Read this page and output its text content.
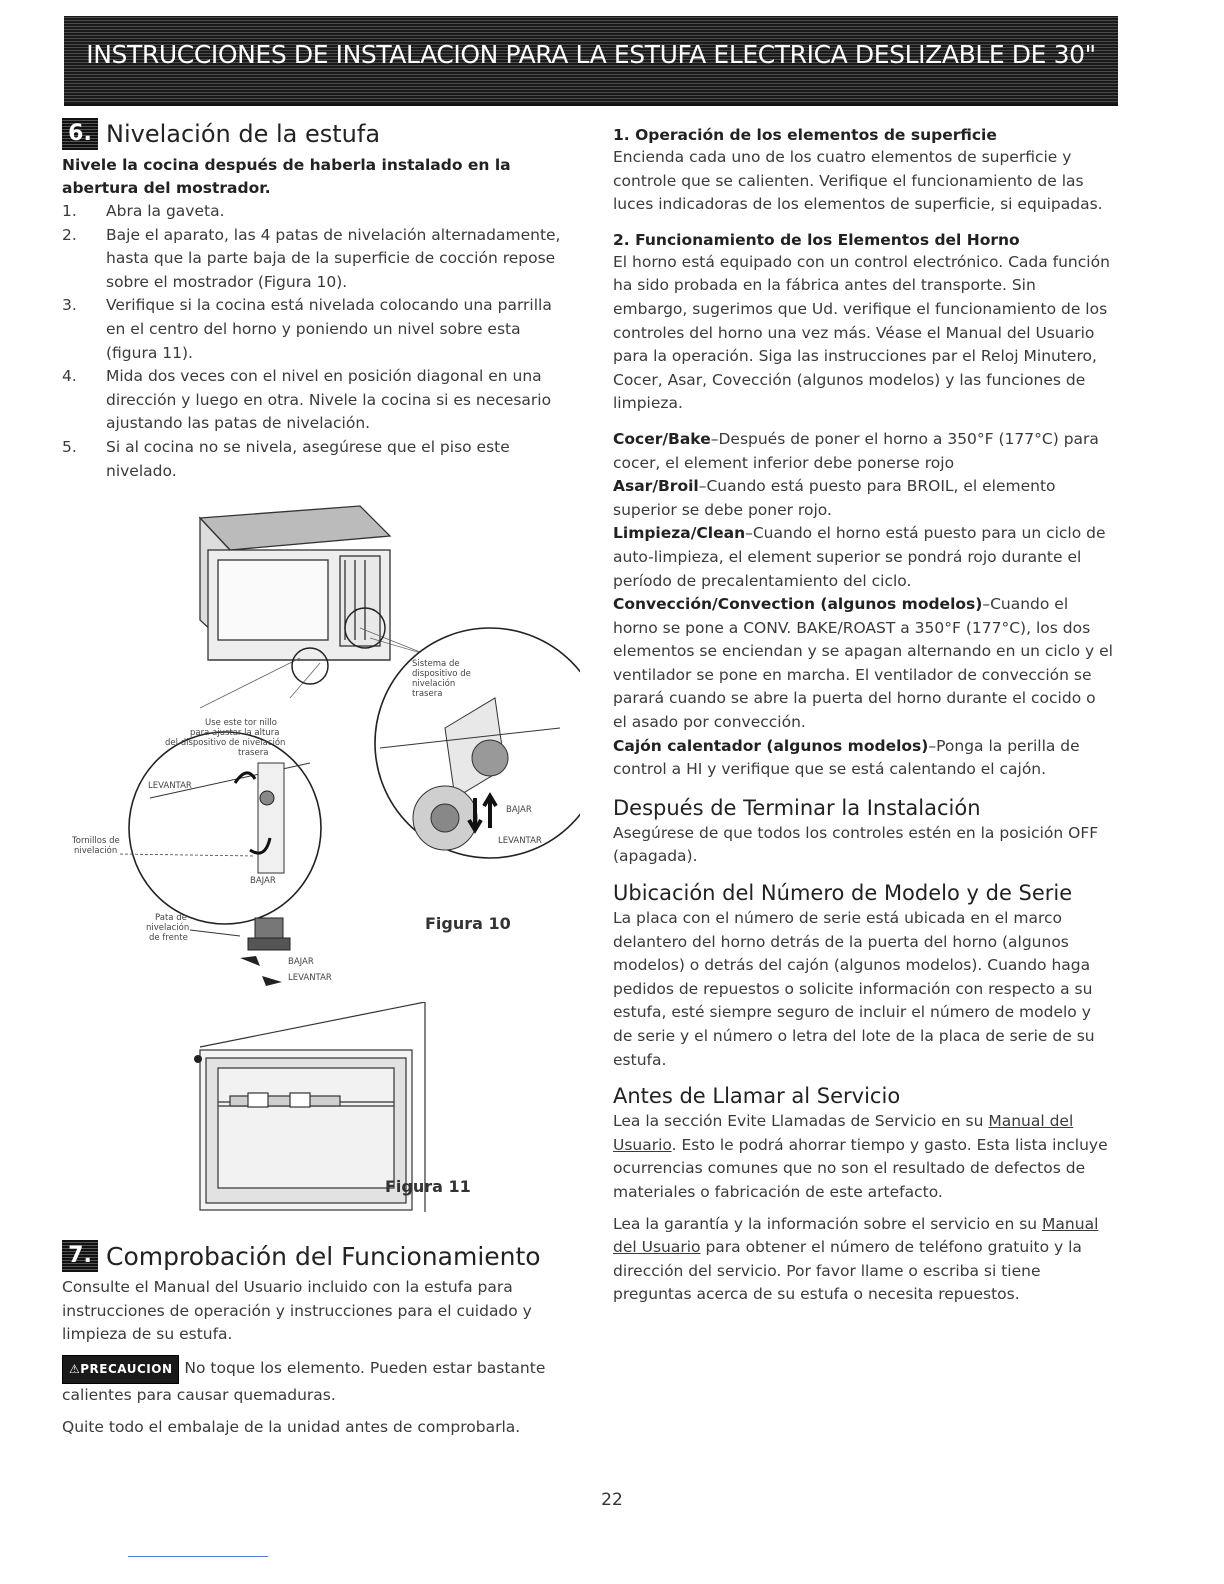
INSTRUCCIONES DE INSTALACION PARA LA ESTUFA ELECTRICA DESLIZABLE DE 30"
6. Nivelación de la estufa
Nivele la cocina después de haberla instalado en la abertura del mostrador.
1. Abra la gaveta.
2. Baje el aparato, las 4 patas de nivelación alternadamente, hasta que la parte baja de la superficie de cocción repose sobre el mostrador (Figura 10).
3. Verifique si la cocina está nivelada colocando una parrilla en el centro del horno y poniendo un nivel sobre esta (figura 11).
4. Mida dos veces con el nivel en posición diagonal en una dirección y luego en otra. Nivele la cocina si es necesario ajustando las patas de nivelación.
5. Si al cocina no se nivela, asegúrese que el piso este nivelado.
Use este tor nillo
para ajustar la altura
del dispositivo de nivelación
trasera
LEVANTAR
BAJAR
Tornillos de
nivelación
Sistema de
dispositivo de
nivelación
trasera
BAJAR
LEVANTAR
Pata de
nivelación
de frente
BAJAR
LEVANTAR
Figura 10
Figura 11
7. Comprobación del Funcionamiento

Consulte el Manual del Usuario incluido con la estufa para instrucciones de operación y instrucciones para el cuidado y limpieza de su estufa.

⚠PRECAUCION No toque los elemento. Pueden estar bastante calientes para causar quemaduras.

Quite todo el embalaje de la unidad antes de comprobarla.

1. Operación de los elementos de superficie

Encienda cada uno de los cuatro elementos de superficie y controle que se calienten. Verifique el funcionamiento de las luces indicadoras de los elementos de superficie, si equipadas.

2. Funcionamiento de los Elementos del Horno

El horno está equipado con un control electrónico. Cada función ha sido probada en la fábrica antes del transporte. Sin embargo, sugerimos que Ud. verifique el funcionamiento de los controles del horno una vez más. Véase el Manual del Usuario para la operación. Siga las instrucciones par el Reloj Minutero, Cocer, Asar, Covección (algunos modelos) y las funciones de limpieza.

Cocer/Bake–Después de poner el horno a 350°F (177°C) para cocer, el element inferior debe ponerse rojo

Asar/Broil–Cuando está puesto para BROIL, el elemento superior se debe poner rojo.

Limpieza/Clean–Cuando el horno está puesto para un ciclo de auto-limpieza, el element superior se pondrá rojo durante el período de precalentamiento del ciclo.

Convección/Convection (algunos modelos)–Cuando el horno se pone a CONV. BAKE/ROAST a 350°F (177°C), los dos elementos se enciendan y se apagan alternando en un ciclo y el ventilador se pone en marcha. El ventilador de convección se parará cuando se abre la puerta del horno durante el cocido o el asado por convección.

Cajón calentador (algunos modelos)–Ponga la perilla de control a HI y verifique que se está calentando el cajón.

Después de Terminar la Instalación

Asegúrese de que todos los controles estén en la posición OFF (apagada).

Ubicación del Número de Modelo y de Serie

La placa con el número de serie está ubicada en el marco delantero del horno detrás de la puerta del horno (algunos modelos) o detrás del cajón (algunos modelos). Cuando haga pedidos de repuestos o solicite información con respecto a su estufa, esté siempre seguro de incluir el número de modelo y de serie y el número o letra del lote de la placa de serie de su estufa.

Antes de Llamar al Servicio

Lea la sección Evite Llamadas de Servicio en su Manual del Usuario. Esto le podrá ahorrar tiempo y gasto. Esta lista incluye ocurrencias comunes que no son el resultado de defectos de materiales o fabricación de este artefacto.

Lea la garantía y la información sobre el servicio en su Manual del Usuario para obtener el número de teléfono gratuito y la dirección del servicio. Por favor llame o escriba si tiene preguntas acerca de su estufa o necesita repuestos.

22
